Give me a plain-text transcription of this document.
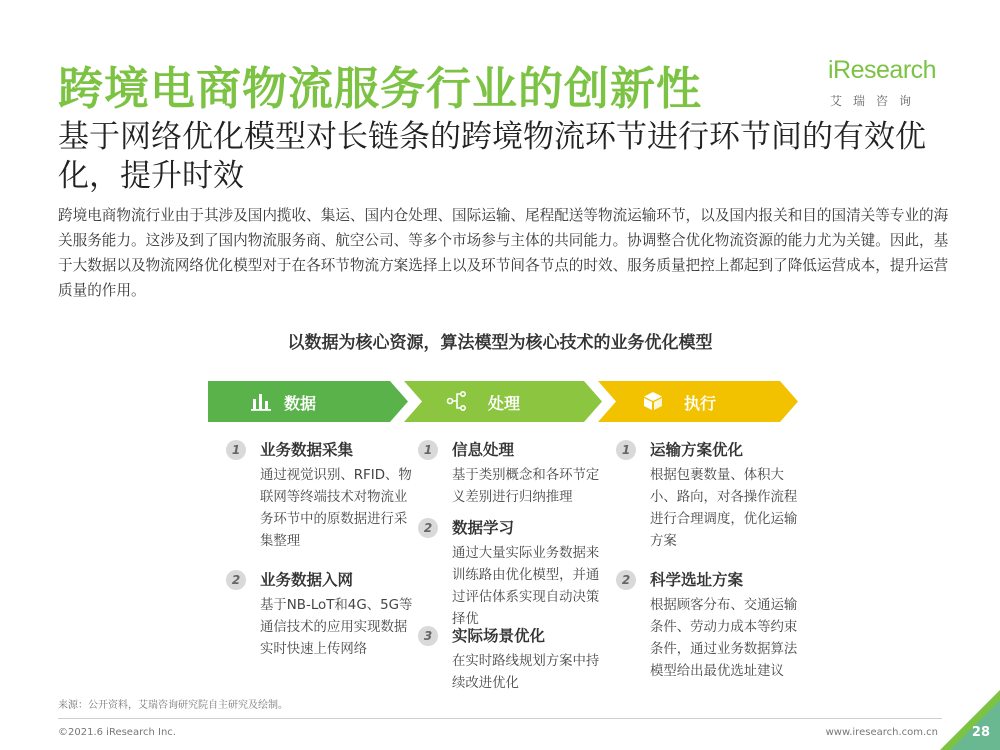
跨境电商物流服务行业的创新性	iResearch
艾瑞咨询
基于网络优化模型对长链条的跨境物流环节进行环节间的有效优化，提升时效
跨境电商物流行业由于其涉及国内揽收、集运、国内仓处理、国际运输、尾程配送等物流运输环节，以及国内报关和目的国清关等专业的海关服务能力。这涉及到了国内物流服务商、航空公司、等多个市场参与主体的共同能力。协调整合优化物流资源的能力尤为关键。因此，基于大数据以及物流网络优化模型对于在各环节物流方案选择上以及环节间各节点的时效、服务质量把控上都起到了降低运营成本，提升运营质量的作用。
以数据为核心资源，算法模型为核心技术的业务优化模型
数据	处理	执行
1	业务数据采集
通过视觉识别、RFID、物联网等终端技术对物流业务环节中的原数据进行采集整理
2	业务数据入网
基于NB-LoT和4G、5G等通信技术的应用实现数据实时快速上传网络
1	信息处理
基于类别概念和各环节定义差别进行归纳推理
2	数据学习
通过大量实际业务数据来训练路由优化模型，并通过评估体系实现自动决策择优
3	实际场景优化
在实时路线规划方案中持续改进优化
1	运输方案优化
根据包裹数量、体积大小、路向，对各操作流程进行合理调度，优化运输方案
2	科学选址方案
根据顾客分布、交通运输条件、劳动力成本等约束条件，通过业务数据算法模型给出最优选址建议
来源：公开资料，艾瑞咨询研究院自主研究及绘制。
©2021.6 iResearch Inc.	www.iresearch.com.cn	28
